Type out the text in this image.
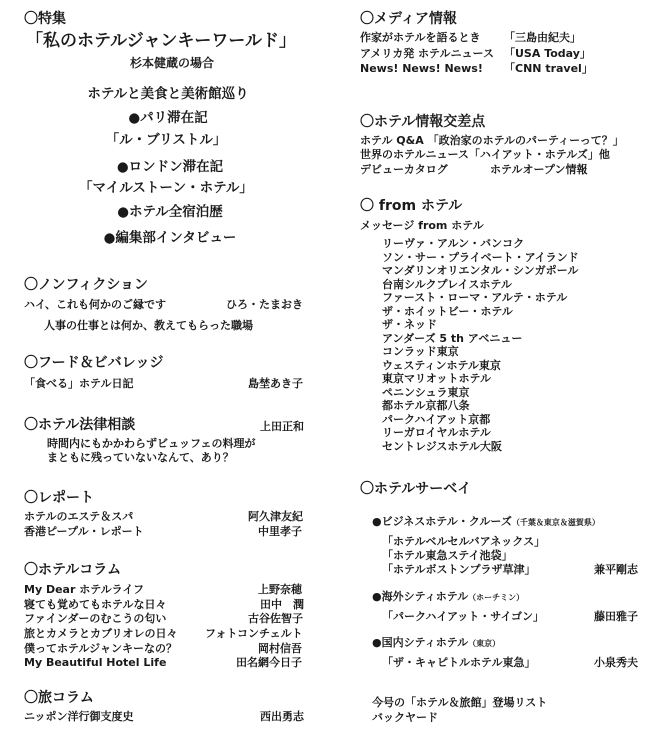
〇特集
「私のホテルジャンキーワールド」
杉本健蔵の場合
ホテルと美食と美術館巡り
●パリ滞在記
「ル・ブリストル」
●ロンドン滞在記
「マイルストーン・ホテル」
●ホテル全宿泊歴
●編集部インタビュー
〇ノンフィクション
ハイ、これも何かのご縁です	ひろ・たまおき
人事の仕事とは何か、教えてもらった職場
〇フード＆ビバレッジ
「食べる」ホテル日記	島埜あき子
〇ホテル法律相談	上田正和
時間内にもかかわらずビュッフェの料理が
まともに残っていないなんて、あり？
〇レポート
ホテルのエステ＆スパ	阿久津友紀
香港ピープル・レポート	中里孝子
〇ホテルコラム
My Dear ホテルライフ	上野奈穂
寝ても覚めてもホテルな日々	田中　潤
ファインダーのむこうの匂い	古谷佐智子
旅とカメラとカブリオレの日々	フォトコンチェルト
僕ってホテルジャンキーなの？	岡村信吾
My Beautiful Hotel Life	田名網今日子
〇旅コラム
ニッポン洋行御支度史	西出勇志
〇メディア情報
作家がホテルを語るとき 「三島由紀夫」
アメリカ発 ホテルニュース 「USA Today」
News! News! News! 「CNN travel」
〇ホテル情報交差点
ホテル Q&A 「政治家のホテルのパーティーって？」
世界のホテルニュース「ハイアット・ホテルズ」他
デビューカタログ	ホテルオープン情報
〇 from ホテル
メッセージ from ホテル
リーヴァ・アルン・バンコク
ソン・サー・プライベート・アイランド
マンダリンオリエンタル・シンガポール
台南シルクプレイスホテル
ファースト・ローマ・アルテ・ホテル
ザ・ホイットビー・ホテル
ザ・ネッド
アンダーズ 5 th アベニュー
コンラッド東京
ウェスティンホテル東京
東京マリオットホテル
ペニンシュラ東京
都ホテル京都八条
パークハイアット京都
リーガロイヤルホテル
セントレジスホテル大阪
〇ホテルサーベイ
●ビジネスホテル・クルーズ（千葉＆東京＆滋賀県）
「ホテルベルセルバアネックス」
「ホテル東急ステイ池袋」
「ホテルボストンプラザ草津」	兼平剛志
●海外シティホテル（ホーチミン）
「パークハイアット・サイゴン」	藤田雅子
●国内シティホテル（東京）
「ザ・キャピトルホテル東急」	小泉秀夫
今号の「ホテル＆旅館」登場リスト
バックヤード
